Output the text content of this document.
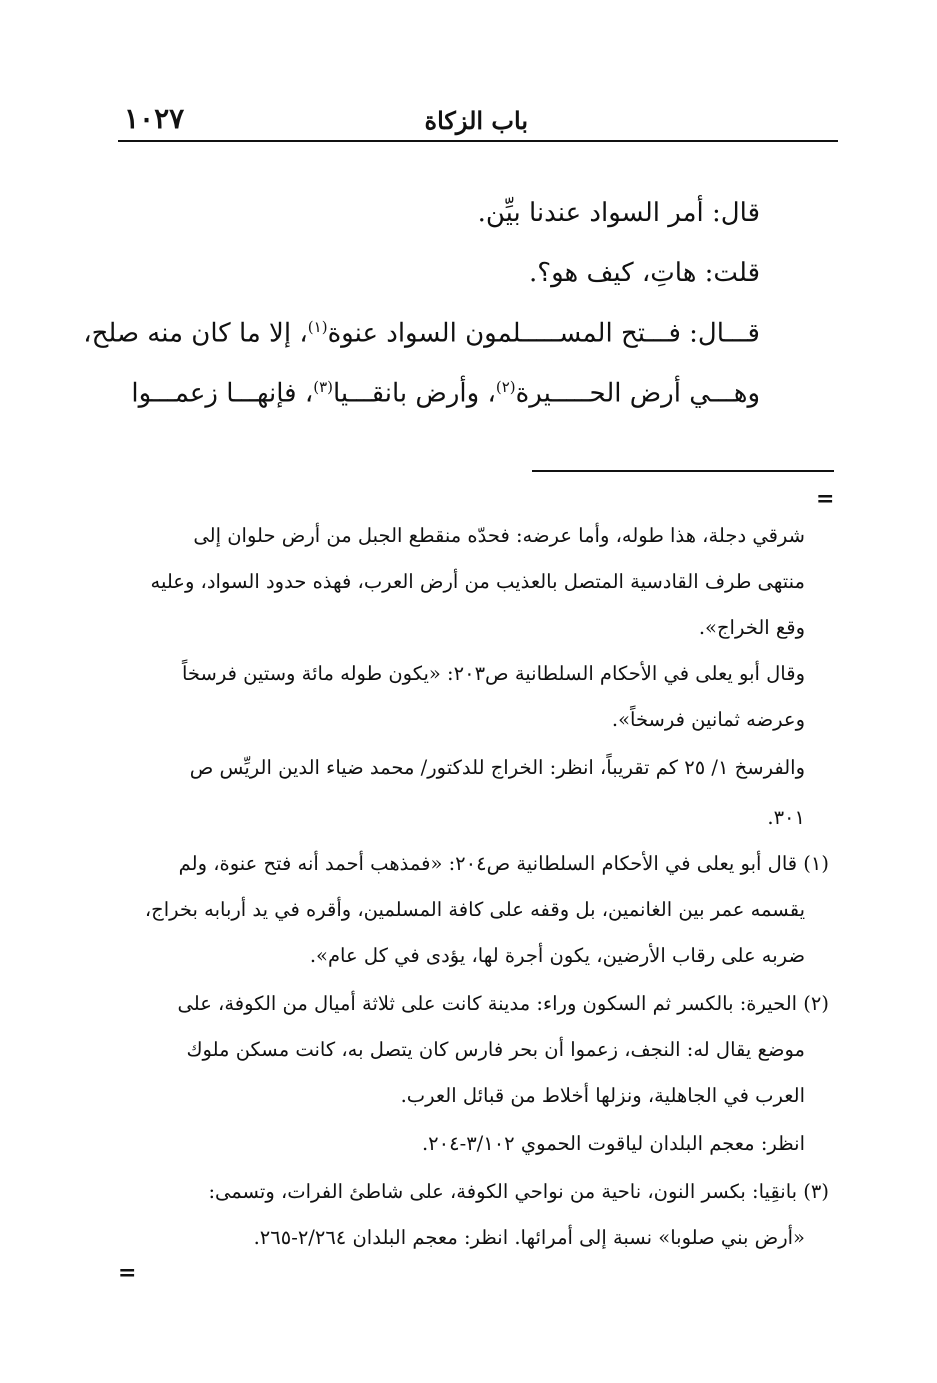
باب الزكاة
١٠٢٧
قال: أمر السواد عندنا بيِّن.
قلت: هاتِ، كيف هو؟.
قـــال: فـــتح المســـــلمون السواد عنوة$^{(١)}$، إلا ما كان منه صلح،
وهـــي أرض الحـــــيرة$^{(٢)}$، وأرض بانقـــيا$^{(٣)}$، فإنهـــا زعمـــوا
=
شرقي دجلة، هذا طوله، وأما عرضه: فحدّه منقطع الجبل من أرض حلوان إلى
منتهى طرف القادسية المتصل بالعذيب من أرض العرب، فهذه حدود السواد، وعليه
وقع الخراج».
وقال أبو يعلى في الأحكام السلطانية ص٢٠٣: «يكون طوله مائة وستين فرسخاً
وعرضه ثمانين فرسخاً».
والفرسخ ١/ ٢٥ كم تقريباً، انظر: الخراج للدكتور/ محمد ضياء الدين الريِّس ص
٣٠١.
(١) قال أبو يعلى في الأحكام السلطانية ص٢٠٤: «فمذهب أحمد أنه فتح عنوة، ولم
يقسمه عمر بين الغانمين، بل وقفه على كافة المسلمين، وأقره في يد أربابه بخراج،
ضربه على رقاب الأرضين، يكون أجرة لها، يؤدى في كل عام».
(٢) الحيرة: بالكسر ثم السكون وراء: مدينة كانت على ثلاثة أميال من الكوفة، على
موضع يقال له: النجف، زعموا أن بحر فارس كان يتصل به، كانت مسكن ملوك
العرب في الجاهلية، ونزلها أخلاط من قبائل العرب.
انظر: معجم البلدان لياقوت الحموي ٣/١٠٢-٢٠٤.
(٣) بانقِيا: بكسر النون، ناحية من نواحي الكوفة، على شاطئ الفرات، وتسمى:
«أرض بني صلوبا» نسبة إلى أمرائها. انظر: معجم البلدان ٢/٢٦٤-٢٦٥.
=
